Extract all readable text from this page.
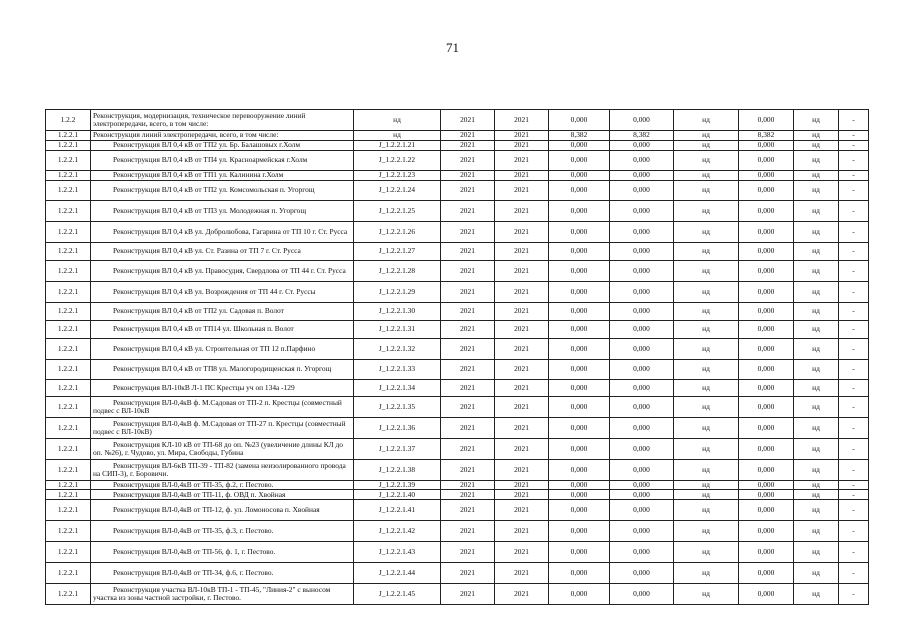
71
1.2.2	Реконструкция, модернизация, техническое перевооружение линий электропередачи, всего, в том числе:	нд	2021	2021	0,000	0,000	нд	0,000	нд	-
1.2.2.1	Реконструкция линий электропередачи, всего, в том числе:	нд	2021	2021	8,382	8,382	нд	8,382	нд	-
1.2.2.1	Реконструкция ВЛ 0,4 кВ от ТП2 ул. Бр. Балашовых г.Холм	J_1.2.2.1.21	2021	2021	0,000	0,000	нд	0,000	нд	-
1.2.2.1	Реконструкция ВЛ 0,4 кВ от ТП4 ул. Красноармейская г.Холм	J_1.2.2.1.22	2021	2021	0,000	0,000	нд	0,000	нд	-
1.2.2.1	Реконструкция ВЛ 0,4 кВ от ТП1 ул. Калинина г.Холм	J_1.2.2.1.23	2021	2021	0,000	0,000	нд	0,000	нд	-
1.2.2.1	Реконструкция ВЛ 0,4 кВ от ТП2 ул. Комсомольская п. Угоргощ	J_1.2.2.1.24	2021	2021	0,000	0,000	нд	0,000	нд	-
1.2.2.1	Реконструкция ВЛ 0,4 кВ от ТП3 ул. Молодежная п. Угоргощ	J_1.2.2.1.25	2021	2021	0,000	0,000	нд	0,000	нд	-
1.2.2.1	Реконструкция ВЛ 0,4 кВ ул. Добролюбова, Гагарина от ТП 10 г. Ст. Русса	J_1.2.2.1.26	2021	2021	0,000	0,000	нд	0,000	нд	-
1.2.2.1	Реконструкция ВЛ 0,4 кВ ул. Ст. Разина от ТП 7 г. Ст. Русса	J_1.2.2.1.27	2021	2021	0,000	0,000	нд	0,000	нд	-
1.2.2.1	Реконструкция ВЛ 0,4 кВ ул. Правосудия, Свердлова от ТП 44 г. Ст. Русса	J_1.2.2.1.28	2021	2021	0,000	0,000	нд	0,000	нд	-
1.2.2.1	Реконструкция ВЛ 0,4 кВ ул. Возрождения от ТП 44 г. Ст. Руссы	J_1.2.2.1.29	2021	2021	0,000	0,000	нд	0,000	нд	-
1.2.2.1	Реконструкция ВЛ 0,4 кВ от ТП2 ул. Садовая п. Волот	J_1.2.2.1.30	2021	2021	0,000	0,000	нд	0,000	нд	-
1.2.2.1	Реконструкция ВЛ 0,4 кВ от ТП14 ул. Школьная п. Волот	J_1.2.2.1.31	2021	2021	0,000	0,000	нд	0,000	нд	-
1.2.2.1	Реконструкция ВЛ 0,4 кВ ул. Строительная от ТП 12 п.Парфино	J_1.2.2.1.32	2021	2021	0,000	0,000	нд	0,000	нд	-
1.2.2.1	Реконструкция ВЛ 0,4 кВ от ТП8 ул. Малогородищенская п. Угоргощ	J_1.2.2.1.33	2021	2021	0,000	0,000	нд	0,000	нд	-
1.2.2.1	Реконструкция ВЛ-10кВ Л-1 ПС Крестцы уч оп 134а -129	J_1.2.2.1.34	2021	2021	0,000	0,000	нд	0,000	нд	-
1.2.2.1	Реконструкция ВЛ-0,4кВ ф. М.Садовая от ТП-2 п. Крестцы (совместный подвес с ВЛ-10кВ	J_1.2.2.1.35	2021	2021	0,000	0,000	нд	0,000	нд	-
1.2.2.1	Реконструкция ВЛ-0,4кВ ф. М.Садовая от ТП-27 п. Крестцы (совместный подвес с ВЛ-10кВ)	J_1.2.2.1.36	2021	2021	0,000	0,000	нд	0,000	нд	-
1.2.2.1	Реконструкция КЛ-10 кВ от ТП-68 до оп. №23 (увеличение длины КЛ до оп. №26), г. Чудово, ул. Мира, Свободы, Губина	J_1.2.2.1.37	2021	2021	0,000	0,000	нд	0,000	нд	-
1.2.2.1	Реконструкция ВЛ-6кВ ТП-39 - ТП-82 (замена неизолированного провода на СИП-3), г. Боровичи.	J_1.2.2.1.38	2021	2021	0,000	0,000	нд	0,000	нд	-
1.2.2.1	Реконструкция ВЛ-0,4кВ от ТП-35, ф.2, г. Пестово.	J_1.2.2.1.39	2021	2021	0,000	0,000	нд	0,000	нд	-
1.2.2.1	Реконструкция ВЛ-0,4кВ от ТП-11, ф. ОВД п. Хвойная	J_1.2.2.1.40	2021	2021	0,000	0,000	нд	0,000	нд	-
1.2.2.1	Реконструкция ВЛ-0,4кВ от ТП-12, ф. ул. Ломоносова п. Хвойная	J_1.2.2.1.41	2021	2021	0,000	0,000	нд	0,000	нд	-
1.2.2.1	Реконструкция ВЛ-0,4кВ от ТП-35, ф.3, г. Пестово.	J_1.2.2.1.42	2021	2021	0,000	0,000	нд	0,000	нд	-
1.2.2.1	Реконструкция ВЛ-0,4кВ от ТП-56, ф. 1, г. Пестово.	J_1.2.2.1.43	2021	2021	0,000	0,000	нд	0,000	нд	-
1.2.2.1	Реконструкция ВЛ-0,4кВ от ТП-34, ф.6, г. Пестово.	J_1.2.2.1.44	2021	2021	0,000	0,000	нд	0,000	нд	-
1.2.2.1	Реконструкция участка ВЛ-10кВ ТП-1 - ТП-45, "Линия-2" с выносом участка из зоны частной застройки, г. Пестово.	J_1.2.2.1.45	2021	2021	0,000	0,000	нд	0,000	нд	-
